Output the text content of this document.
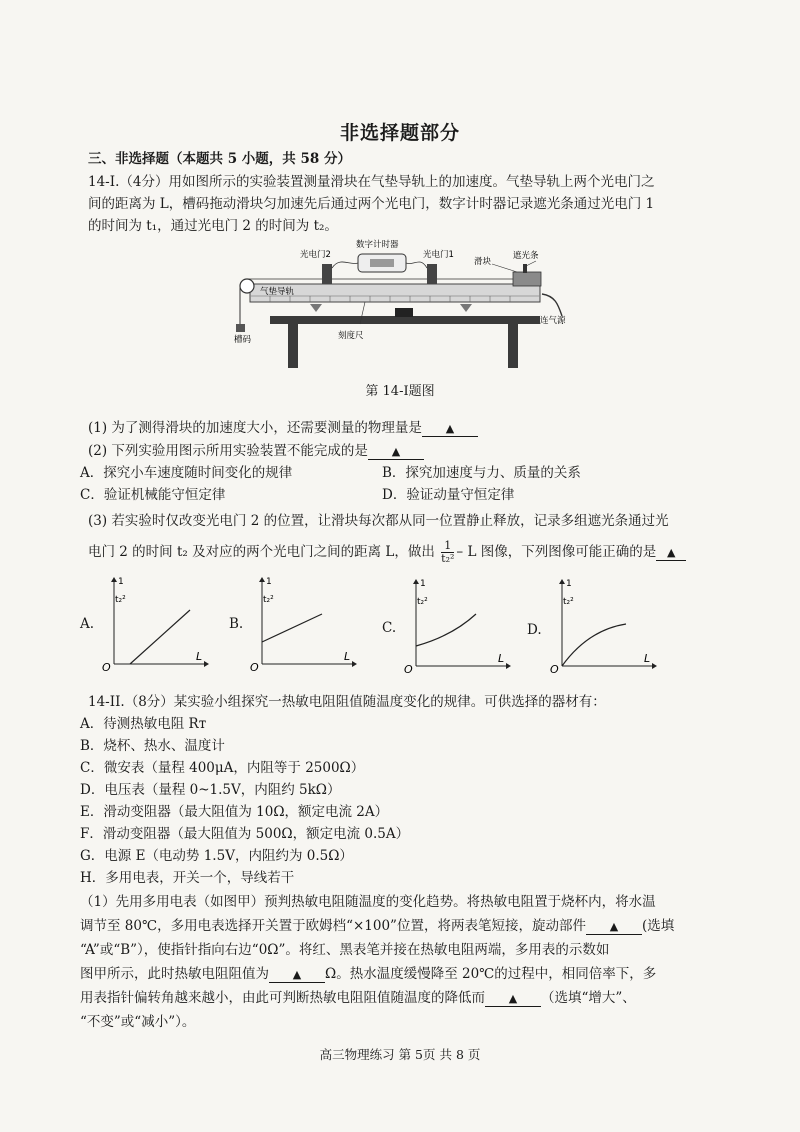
非选择题部分
三、非选择题（本题共 5 小题，共 58 分）
14-I.（4分）用如图所示的实验装置测量滑块在气垫导轨上的加速度。气垫导轨上两个光电门之
间的距离为 L，槽码拖动滑块匀加速先后通过两个光电门，数字计时器记录遮光条通过光电门 1
的时间为 t₁，通过光电门 2 的时间为 t₂。
光电门2
数字计时器
光电门1
滑块
遮光条
气垫导轨
连气源
刻度尺
槽码
第 14-I题图
(1) 为了测得滑块的加速度大小，还需要测量的物理量是 ▲
(2) 下列实验用图示所用实验装置不能完成的是 ▲
A．探究小车速度随时间变化的规律	B．探究加速度与力、质量的关系
C．验证机械能守恒定律	D．验证动量守恒定律
(3) 若实验时仅改变光电门 2 的位置，让滑块每次都从同一位置静止释放，记录多组遮光条通过光
电门 2 的时间 t₂ 及对应的两个光电门之间的距离 L，做出 $\frac{1}{\text{t₂²}}$ – L 图像，下列图像可能正确的是 ▲
A.	B.	C.	D.
O
L
1
t₂²
O
L
1
t₂²
O
L
1
t₂²
O
L
1
t₂²
14-II.（8分）某实验小组探究一热敏电阻阻值随温度变化的规律。可供选择的器材有：
A．待测热敏电阻 Rᴛ
B．烧杯、热水、温度计
C．微安表（量程 400μA，内阻等于 2500Ω）
D．电压表（量程 0~1.5V，内阻约 5kΩ）
E．滑动变阻器（最大阻值为 10Ω，额定电流 2A）
F．滑动变阻器（最大阻值为 500Ω，额定电流 0.5A）
G．电源 E（电动势 1.5V，内阻约为 0.5Ω）
H．多用电表，开关一个，导线若干
（1）先用多用电表（如图甲）预判热敏电阻随温度的变化趋势。将热敏电阻置于烧杯内，将水温
调节至 80℃，多用电表选择开关置于欧姆档“×100”位置，将两表笔短接，旋动部件 ▲ (选填
“A”或“B”），使指针指向右边“0Ω”。将红、黑表笔并接在热敏电阻两端，多用表的示数如
图甲所示，此时热敏电阻阻值为 ▲ Ω。热水温度缓慢降至 20℃的过程中，相同倍率下，多
用表指针偏转角越来越小，由此可判断热敏电阻阻值随温度的降低而 ▲ （选填“增大”、
“不变”或“减小”）。
高三物理练习 第 5页 共 8 页
